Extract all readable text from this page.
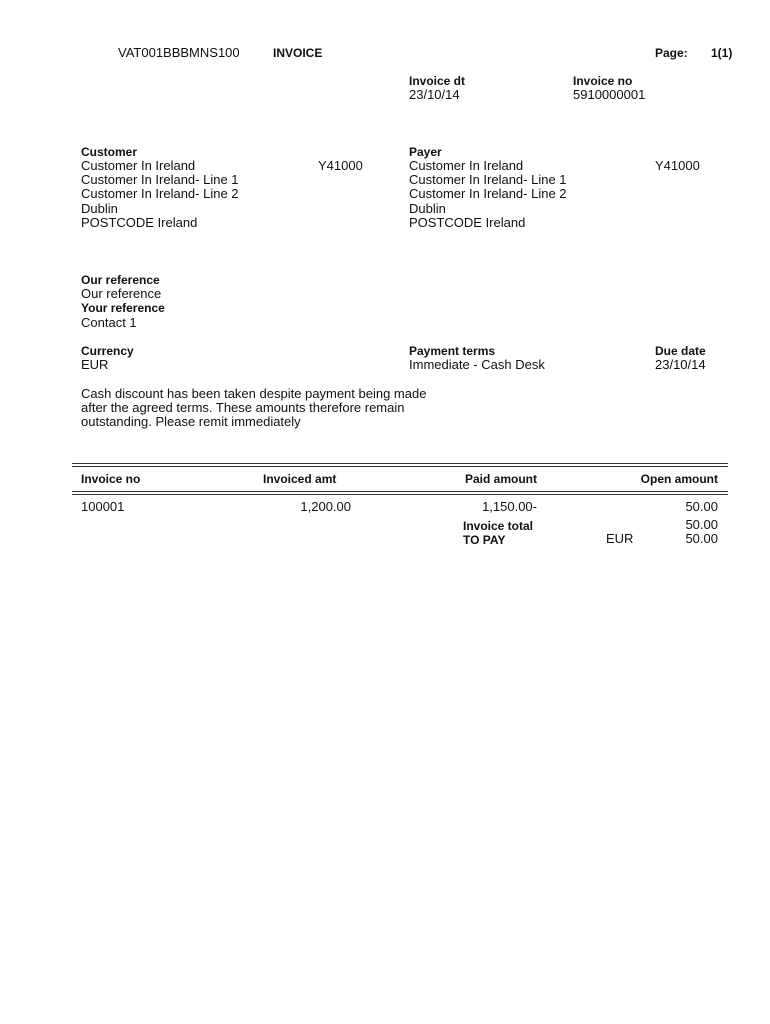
VAT001BBBMNS100	INVOICE	Page: 1(1)
Invoice dt
23/10/14
Invoice no
5910000001
Customer
Customer In Ireland
Customer In Ireland- Line 1
Customer In Ireland- Line 2
Dublin
POSTCODE Ireland
Y41000
Payer
Customer In Ireland
Customer In Ireland- Line 1
Customer In Ireland- Line 2
Dublin
POSTCODE Ireland
Y41000
Our reference
Our reference
Your reference
Contact 1
Currency
EUR
Payment terms
Immediate - Cash Desk
Due date
23/10/14
Cash discount has been taken despite payment being made
after the agreed terms. These amounts therefore remain
outstanding. Please remit immediately
Invoice no	Invoiced amt	Paid amount	Open amount
100001	1,200.00	1,150.00-	50.00
Invoice total	50.00
TO PAY	EUR	50.00
